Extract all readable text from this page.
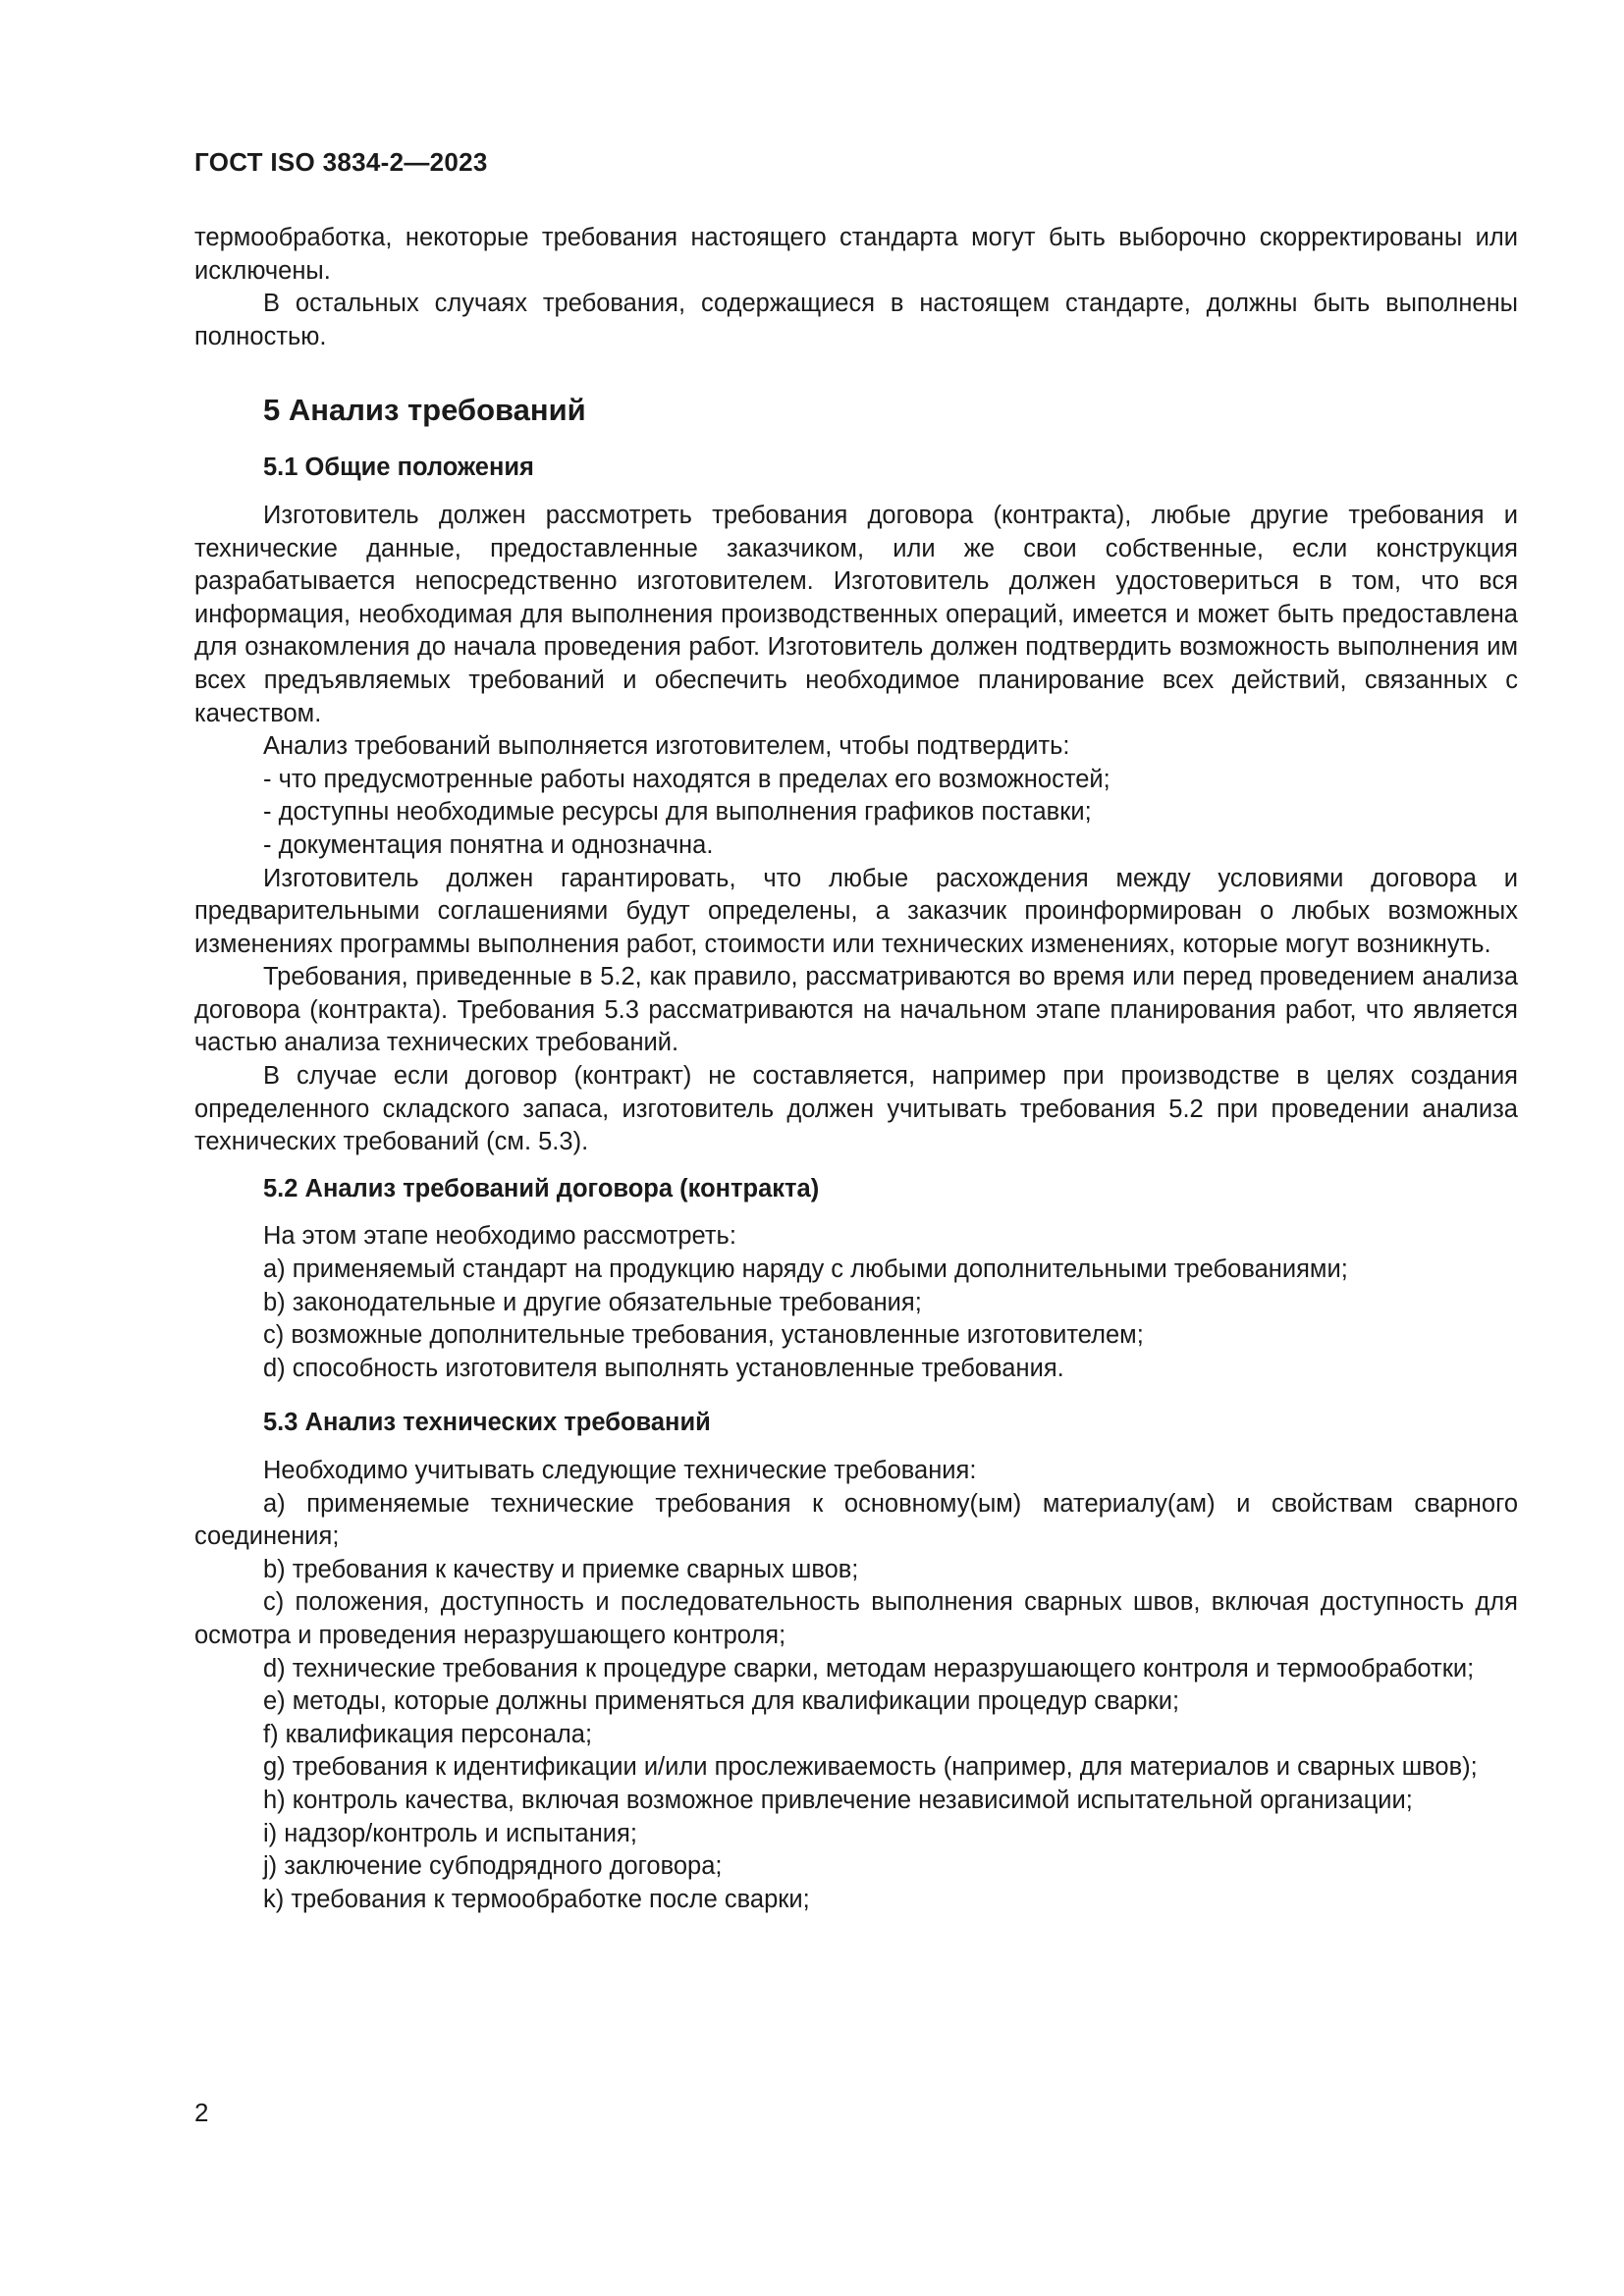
ГОСТ ISO 3834-2—2023

термообработка, некоторые требования настоящего стандарта могут быть выборочно скорректированы или исключены.

В остальных случаях требования, содержащиеся в настоящем стандарте, должны быть выполнены полностью.

5 Анализ требований
5.1 Общие положения

Изготовитель должен рассмотреть требования договора (контракта), любые другие требования и технические данные, предоставленные заказчиком, или же свои собственные, если конструкция разрабатывается непосредственно изготовителем. Изготовитель должен удостовериться в том, что вся информация, необходимая для выполнения производственных операций, имеется и может быть предоставлена для ознакомления до начала проведения работ. Изготовитель должен подтвердить возможность выполнения им всех предъявляемых требований и обеспечить необходимое планирование всех действий, связанных с качеством.

Анализ требований выполняется изготовителем, чтобы подтвердить:

- что предусмотренные работы находятся в пределах его возможностей;

- доступны необходимые ресурсы для выполнения графиков поставки;

- документация понятна и однозначна.

Изготовитель должен гарантировать, что любые расхождения между условиями договора и предварительными соглашениями будут определены, а заказчик проинформирован о любых возможных изменениях программы выполнения работ, стоимости или технических изменениях, которые могут возникнуть.

Требования, приведенные в 5.2, как правило, рассматриваются во время или перед проведением анализа договора (контракта). Требования 5.3 рассматриваются на начальном этапе планирования работ, что является частью анализа технических требований.

В случае если договор (контракт) не составляется, например при производстве в целях создания определенного складского запаса, изготовитель должен учитывать требования 5.2 при проведении анализа технических требований (см. 5.3).

5.2 Анализ требований договора (контракта)

На этом этапе необходимо рассмотреть:

a) применяемый стандарт на продукцию наряду с любыми дополнительными требованиями;

b) законодательные и другие обязательные требования;

c) возможные дополнительные требования, установленные изготовителем;

d) способность изготовителя выполнять установленные требования.

5.3 Анализ технических требований

Необходимо учитывать следующие технические требования:

a) применяемые технические требования к основному(ым) материалу(ам) и свойствам сварного соединения;

b) требования к качеству и приемке сварных швов;

c) положения, доступность и последовательность выполнения сварных швов, включая доступность для осмотра и проведения неразрушающего контроля;

d) технические требования к процедуре сварки, методам неразрушающего контроля и термообработки;

e) методы, которые должны применяться для квалификации процедур сварки;

f) квалификация персонала;

g) требования к идентификации и/или прослеживаемость (например, для материалов и сварных швов);

h) контроль качества, включая возможное привлечение независимой испытательной организации;

i) надзор/контроль и испытания;

j) заключение субподрядного договора;

k) требования к термообработке после сварки;

2
